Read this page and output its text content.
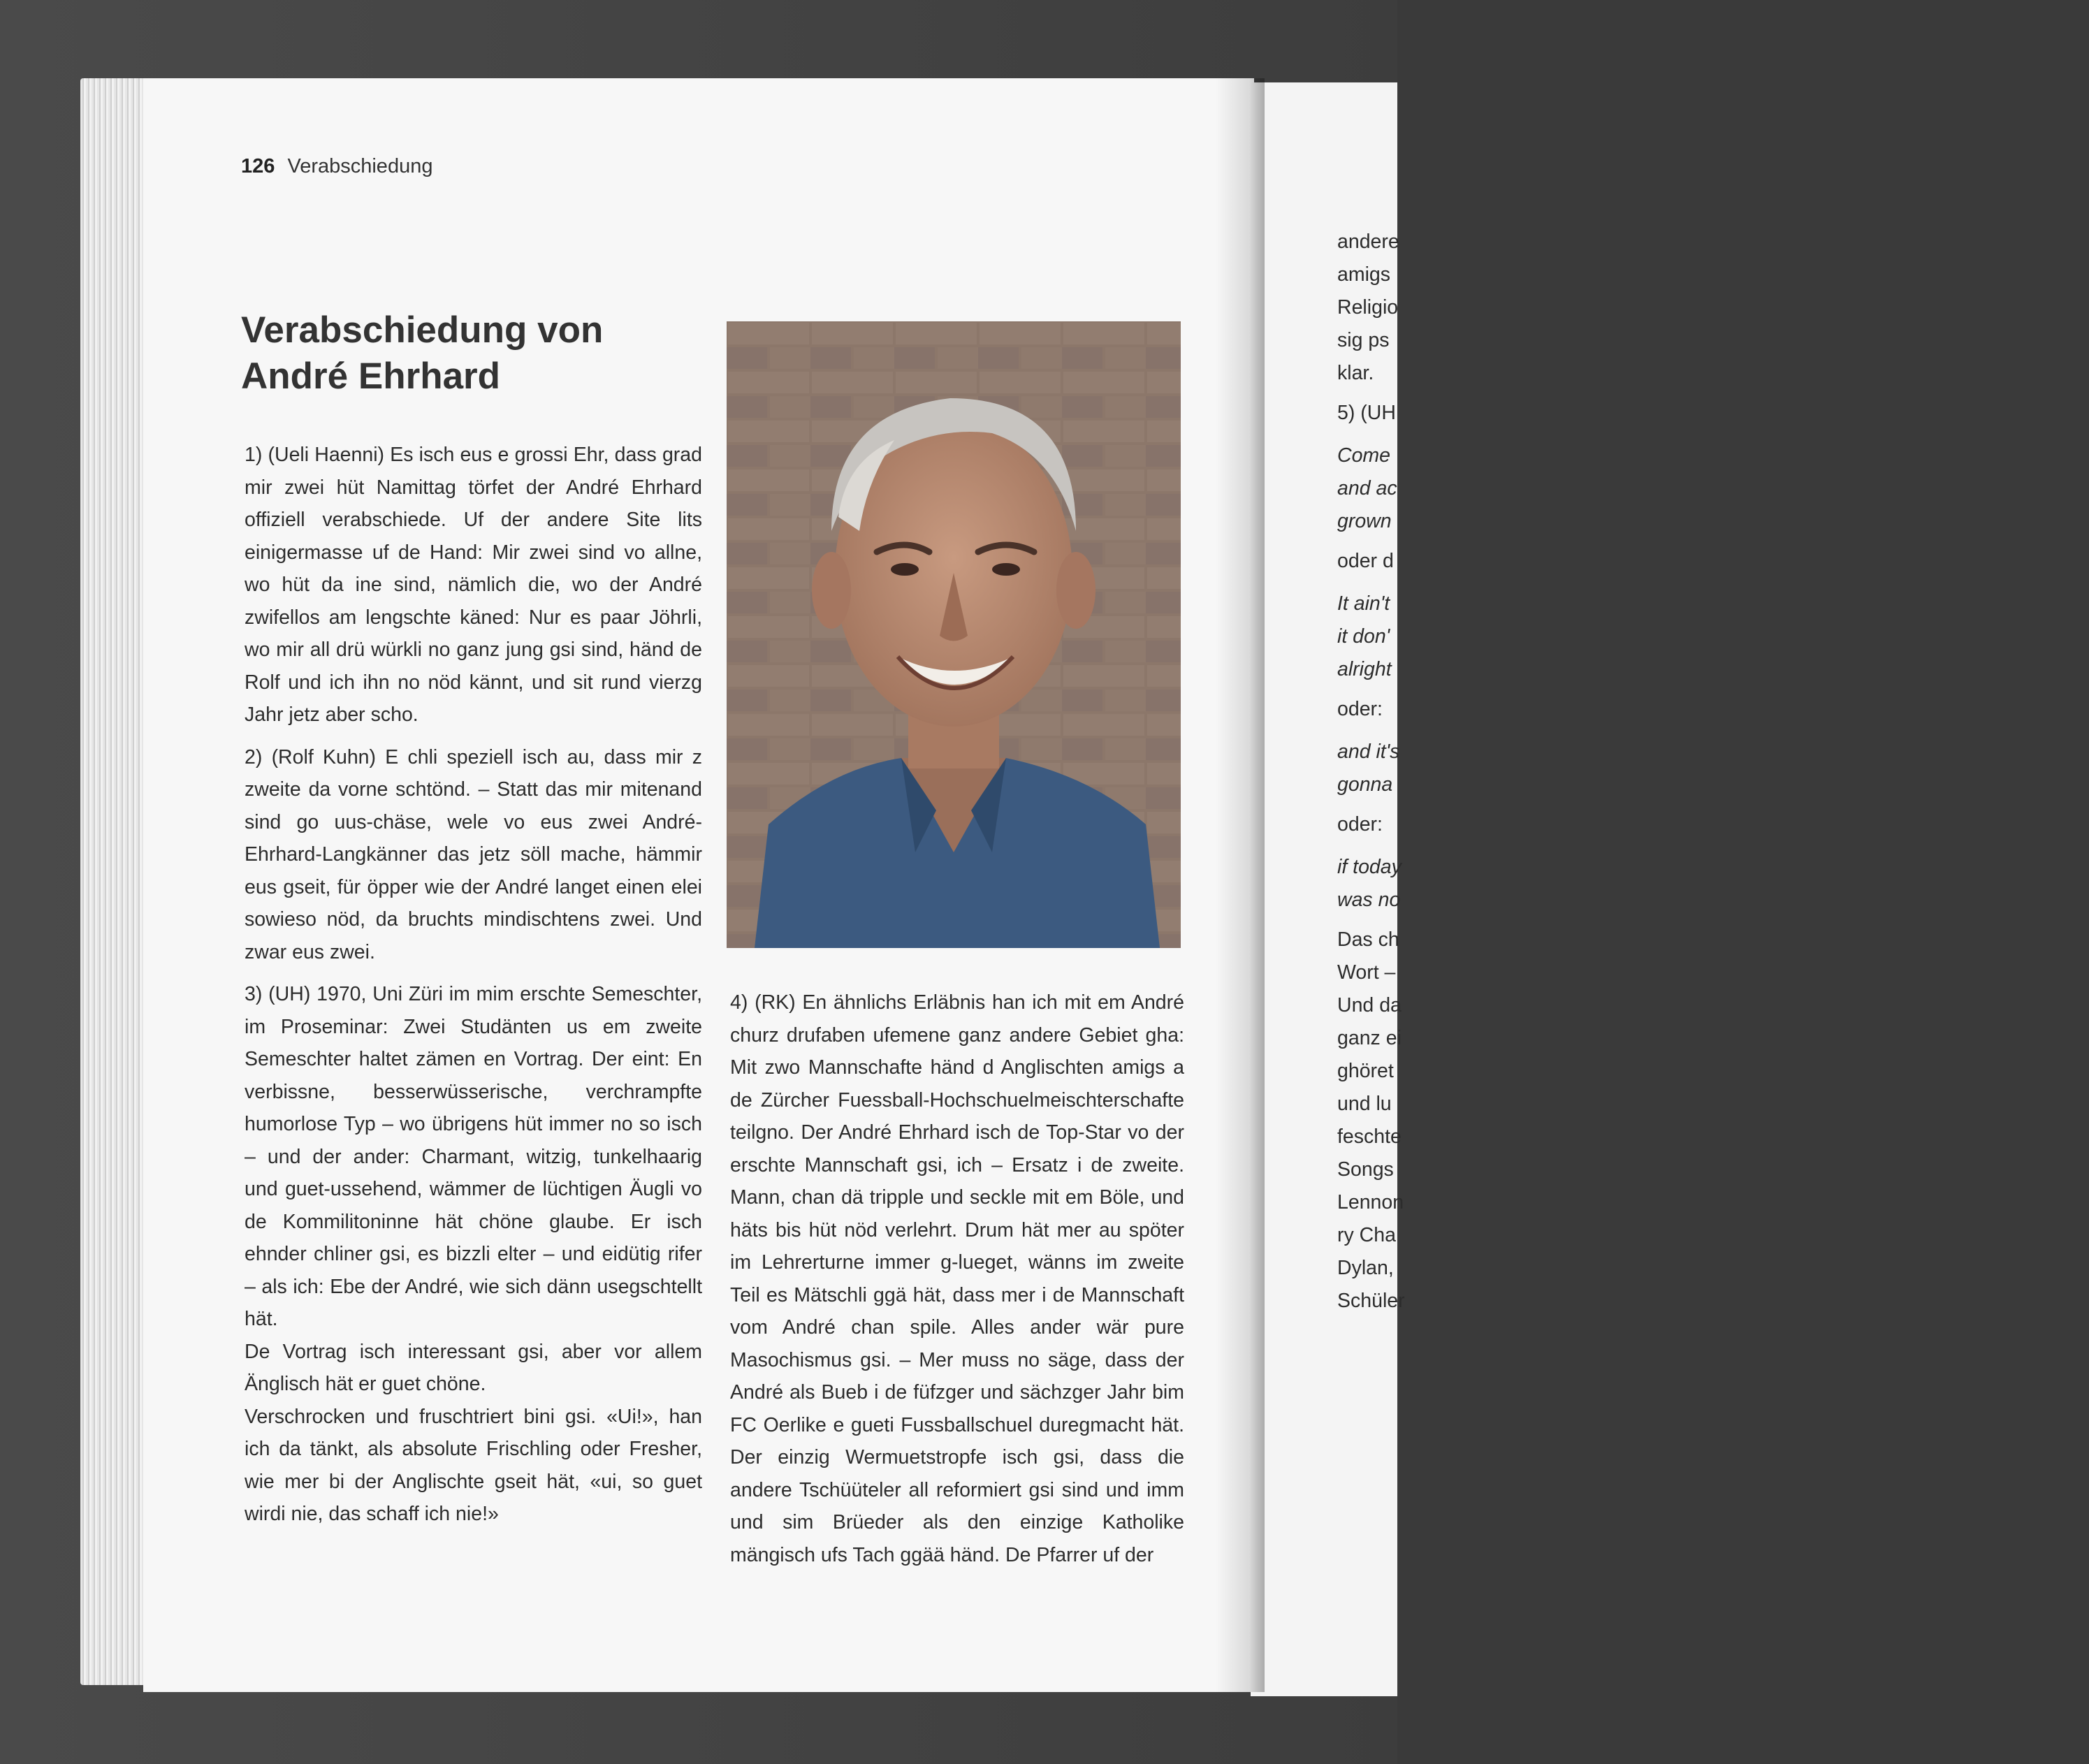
andere
amigs
Religio
sig ps
klar.
5) (UH
Come
and ac
grown
oder d
It ain't
it don'
alright
oder:
and it's
gonna
oder:
if today
was no
Das ch
Wort –
Und da
ganz ei
ghöret
und lu
feschte
Songs
Lennon
ry Cha
Dylan,
Schüler
126 Verabschiedung
Verabschiedung von
André Ehrhard

1) (Ueli Haenni) Es isch eus e grossi Ehr, dass grad mir zwei hüt Namittag törfet der André Ehrhard offiziell verabschiede. Uf der andere Site lits einigermasse uf de Hand: Mir zwei sind vo allne, wo hüt da ine sind, nämlich die, wo der André zwifellos am lengschte käned: Nur es paar Jöhrli, wo mir all drü würkli no ganz jung gsi sind, händ de Rolf und ich ihn no nöd kännt, und sit rund vierzg Jahr jetz aber scho.

2) (Rolf Kuhn) E chli speziell isch au, dass mir z zweite da vorne schtönd. – Statt das mir mitenand sind go uus-chäse, wele vo eus zwei André-Ehrhard-Langkänner das jetz söll mache, hämmir eus gseit, für öpper wie der André langet einen elei sowieso nöd, da bruchts mindischtens zwei. Und zwar eus zwei.

3) (UH) 1970, Uni Züri im mim erschte Semeschter, im Proseminar: Zwei Studänten us em zweite Semeschter haltet zämen en Vortrag. Der eint: En verbissne, besserwüsserische, verchrampfte humorlose Typ – wo übrigens hüt immer no so isch – und der ander: Charmant, witzig, tunkelhaarig und guet-ussehend, wämmer de lüchtigen Äugli vo de Kommilitoninne hät chöne glaube. Er isch ehnder chliner gsi, es bizzli elter – und eidütig rifer – als ich: Ebe der André, wie sich dänn usegschtellt hät.

De Vortrag isch interessant gsi, aber vor allem Änglisch hät er guet chöne.

Verschrocken und fruschtriert bini gsi. «Ui!», han ich da tänkt, als absolute Frischling oder Fresher, wie mer bi der Anglischte gseit hät, «ui, so guet wirdi nie, das schaff ich nie!»

4) (RK) En ähnlichs Erläbnis han ich mit em André churz drufaben ufemene ganz andere Gebiet gha: Mit zwo Mannschafte händ d Anglischten amigs a de Zürcher Fuessball-Hochschuelmeischterschafte teilgno. Der André Ehrhard isch de Top-Star vo der erschte Mannschaft gsi, ich – Ersatz i de zweite. Mann, chan dä tripple und seckle mit em Böle, und häts bis hüt nöd verlehrt. Drum hät mer au spöter im Lehrerturne immer g-lueget, wänns im zweite Teil es Mätschli ggä hät, dass mer i de Mannschaft vom André chan spile. Alles ander wär pure Masochismus gsi. – Mer muss no säge, dass der André als Bueb i de füfzger und sächzger Jahr bim FC Oerlike e gueti Fussballschuel duregmacht hät. Der einzig Wermuetstropfe isch gsi, dass die andere Tschüüteler all reformiert gsi sind und imm und sim Brüeder als den einzige Katholike mängisch ufs Tach ggää händ. De Pfarrer uf der
